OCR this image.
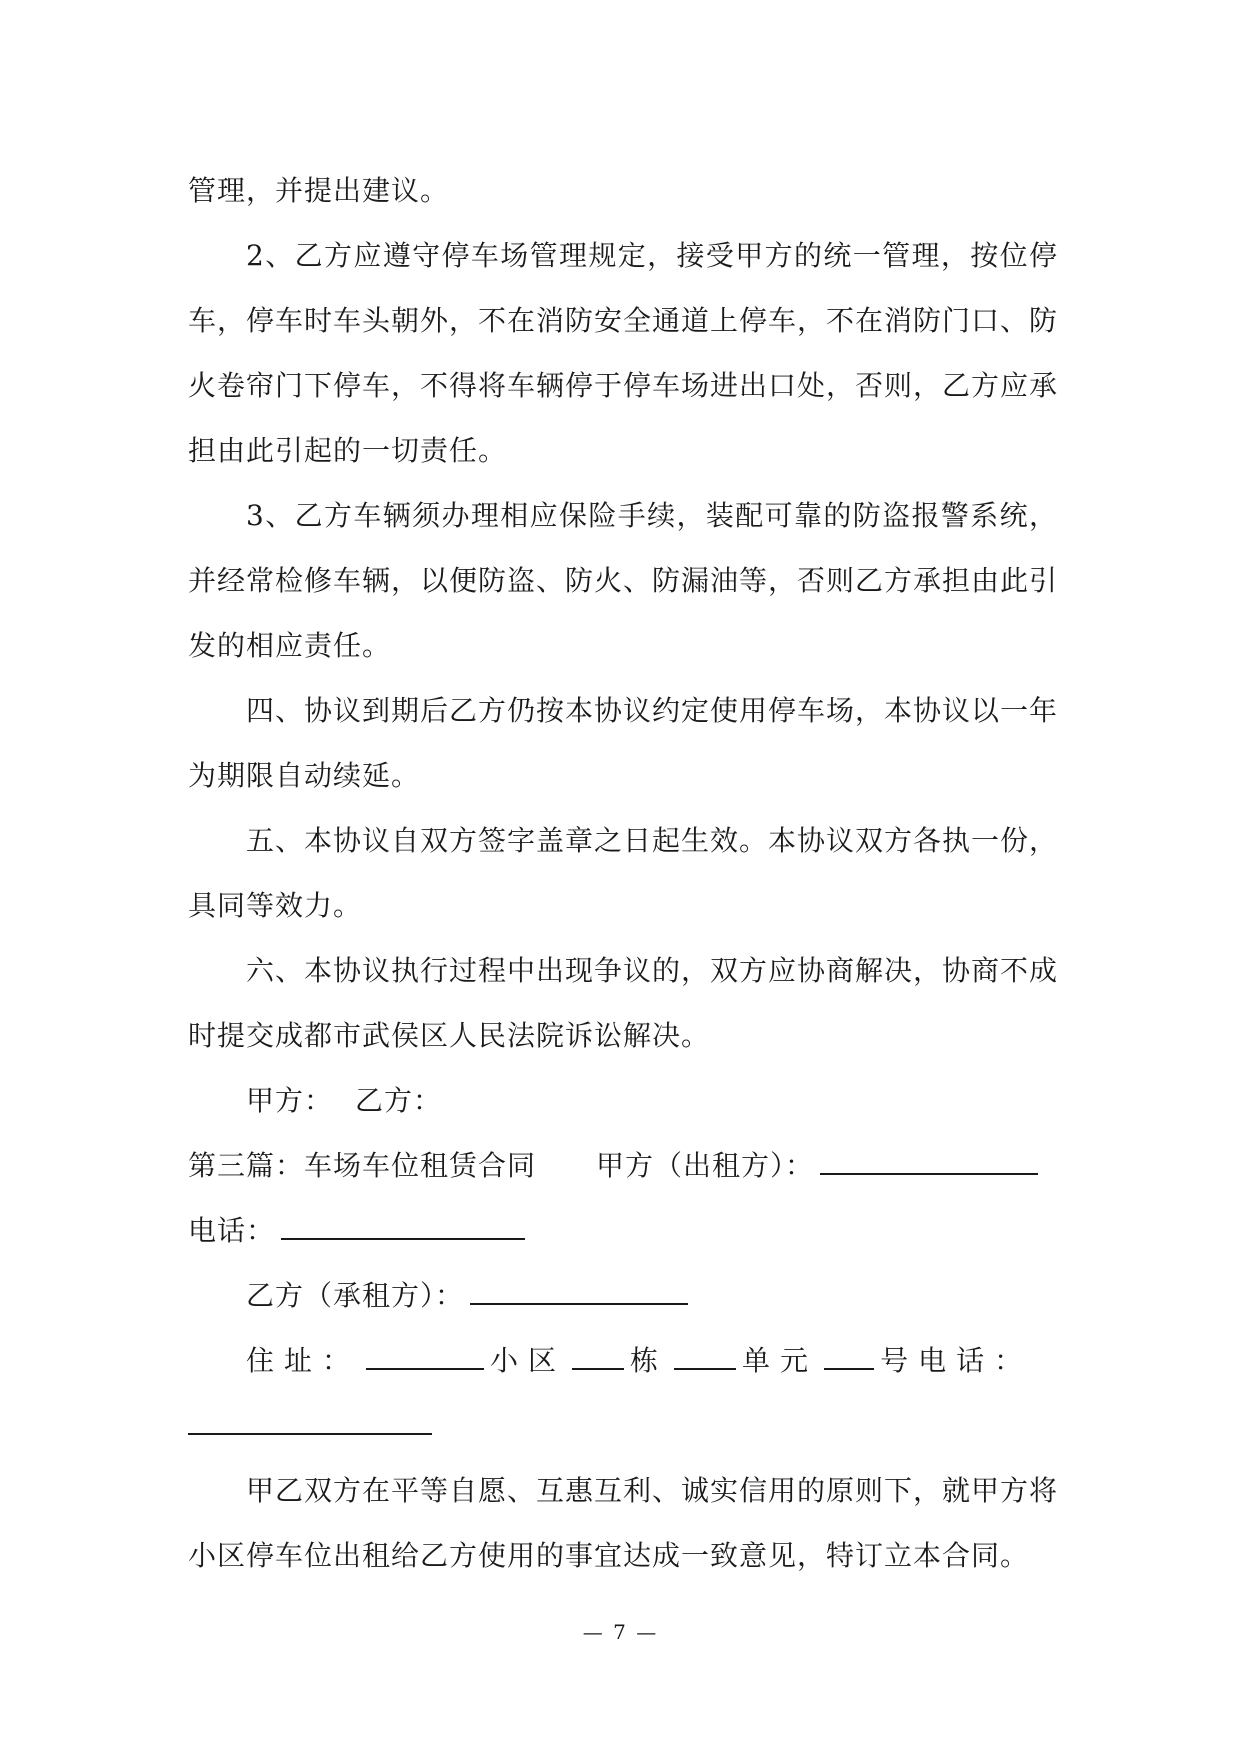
管理，并提出建议。

2、乙方应遵守停车场管理规定，接受甲方的统一管理，按位停车，停车时车头朝外，不在消防安全通道上停车，不在消防门口、防火卷帘门下停车，不得将车辆停于停车场进出口处，否则，乙方应承担由此引起的一切责任。

3、乙方车辆须办理相应保险手续，装配可靠的防盗报警系统，并经常检修车辆，以便防盗、防火、防漏油等，否则乙方承担由此引发的相应责任。

四、协议到期后乙方仍按本协议约定使用停车场，本协议以一年为期限自动续延。

五、本协议自双方签字盖章之日起生效。本协议双方各执一份，具同等效力。

六、本协议执行过程中出现争议的，双方应协商解决，协商不成时提交成都市武侯区人民法院诉讼解决。

甲方： 乙方：

第三篇：车场车位租赁合同 甲方（出租方）：

电话：

乙方（承租方）：

住址：	小区 栋	单元 号电话：

甲乙双方在平等自愿、互惠互利、诚实信用的原则下，就甲方将小区停车位出租给乙方使用的事宜达成一致意见，特订立本合同。

— 7 —
